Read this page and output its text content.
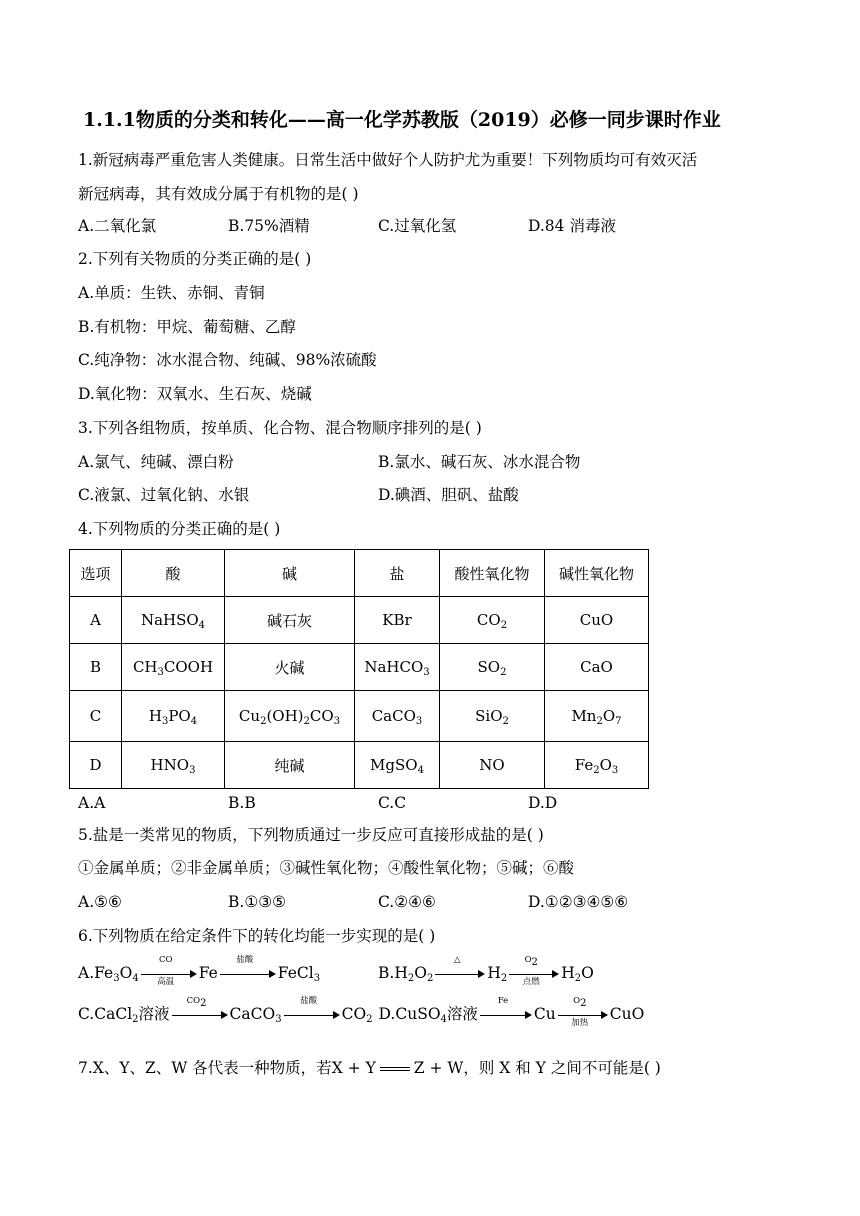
1.1.1物质的分类和转化——高一化学苏教版（2019）必修一同步课时作业
1.新冠病毒严重危害人类健康。日常生活中做好个人防护尤为重要！下列物质均可有效灭活
新冠病毒，其有效成分属于有机物的是( )
A.二氧化氯	B.75%酒精	C.过氧化氢	D.84 消毒液
2.下列有关物质的分类正确的是( )
A.单质：生铁、赤铜、青铜
B.有机物：甲烷、葡萄糖、乙醇
C.纯净物：冰水混合物、纯碱、98%浓硫酸
D.氧化物：双氧水、生石灰、烧碱
3.下列各组物质，按单质、化合物、混合物顺序排列的是( )
A.氯气、纯碱、漂白粉	B.氯水、碱石灰、冰水混合物
C.液氯、过氧化钠、水银	D.碘酒、胆矾、盐酸
4.下列物质的分类正确的是( )
选项	酸	碱	盐	酸性氧化物	碱性氧化物
A	NaHSO$_4$	碱石灰	KBr	$CO_2$	CuO
B	$CH_3COOH$	火碱	NaHCO$_3$	$SO_2$	CaO
C	$H_3PO_4$	$Cu_2(OH)_2CO_3$	CaCO$_3$	SiO$_2$	$Mn_2O_7$
D	$HNO_3$	纯碱	MgSO$_4$	NO	$Fe_2O_3$
A.A	B.B	C.C	D.D
5.盐是一类常见的物质，下列物质通过一步反应可直接形成盐的是( )
①金属单质；②非金属单质；③碱性氧化物；④酸性氧化物；⑤碱；⑥酸
A.⑤⑥	B.①③⑤	C.②④⑥	D.①②③④⑤⑥
6.下列物质在给定条件下的转化均能一步实现的是( )
$A.Fe_3O_4$
CO
高温	Fe
盐酸
FeCl$_3$	$B.H_2O_2$
△
$H_2$
$O_2$
点燃	$H_2O$
C.CaCl$_2$溶液
$CO_2$
CaCO$_3$
盐酸
$CO_2$ D.CuSO$_4$溶液
Fe
Cu
$O_2$
加热	CuO
7.X、Y、Z、W 各代表一种物质，若X + Y Z + W，则 X 和 Y 之间不可能是( )
